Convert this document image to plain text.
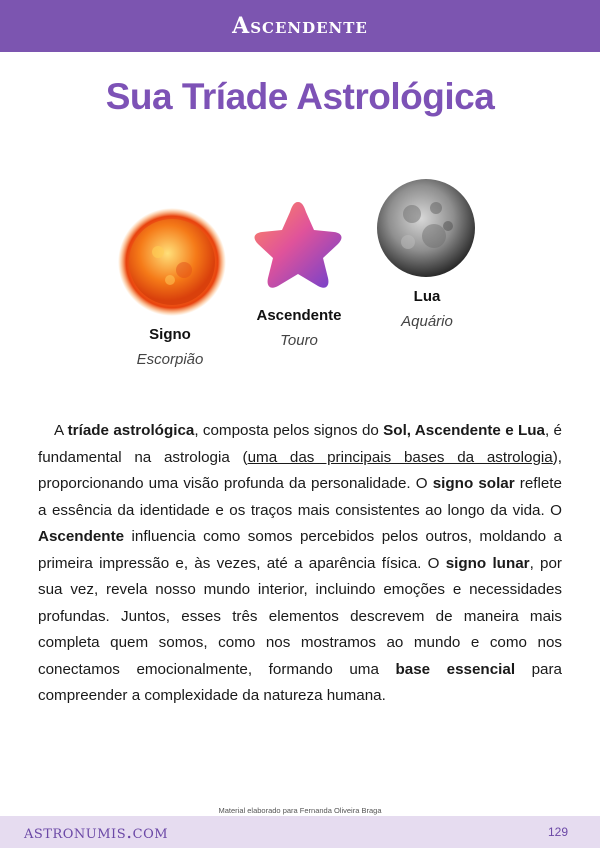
Ascendente
Sua Tríade Astrológica
Signo
Escorpião
Ascendente
Touro
Lua
Aquário
A tríade astrológica, composta pelos signos do Sol, Ascendente e Lua, é fundamental na astrologia (uma das principais bases da astrologia), proporcionando uma visão profunda da personalidade. O signo solar reflete a essência da identidade e os traços mais consistentes ao longo da vida. O Ascendente influencia como somos percebidos pelos outros, moldando a primeira impressão e, às vezes, até a aparência física. O signo lunar, por sua vez, revela nosso mundo interior, incluindo emoções e necessidades profundas. Juntos, esses três elementos descrevem de maneira mais completa quem somos, como nos mostramos ao mundo e como nos conectamos emocionalmente, formando uma base essencial para compreender a complexidade da natureza humana.
Material elaborado para Fernanda Oliveira Braga
astronumis.com	129
